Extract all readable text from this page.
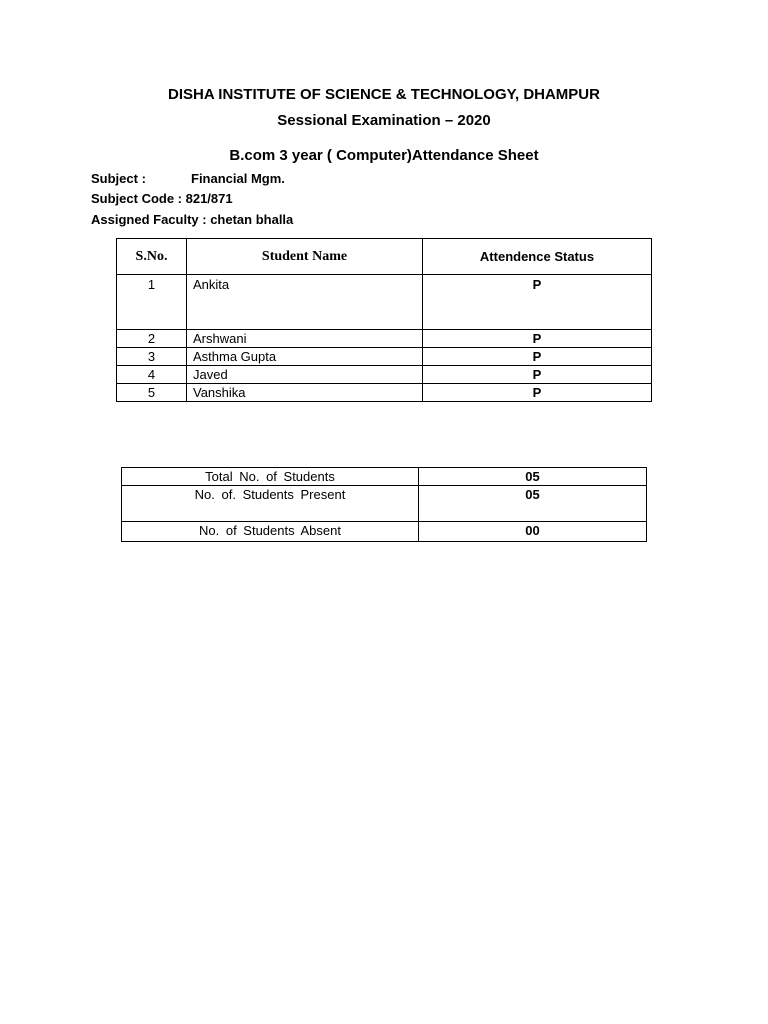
DISHA INSTITUTE OF SCIENCE & TECHNOLOGY, DHAMPUR
Sessional Examination – 2020
B.com 3 year ( Computer)Attendance Sheet
Subject :	Financial Mgm.
Subject Code : 821/871
Assigned Faculty : chetan bhalla
S.No.	Student Name	Attendence Status
1	Ankita	P
2	Arshwani	P
3	Asthma Gupta	P
4	Javed	P
5	Vanshika	P
Total No. of Students	05
No. of. Students Present	05
No. of Students Absent	00
